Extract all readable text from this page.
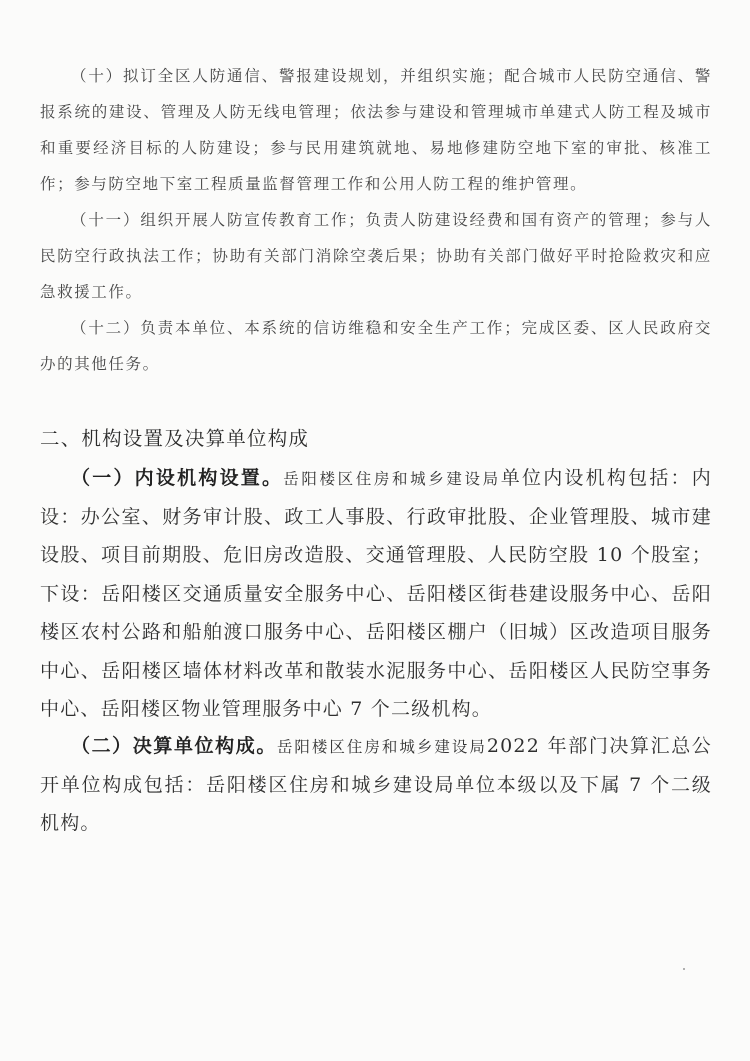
（十）拟订全区人防通信、警报建设规划，并组织实施；配合城市人民防空通信、警报系统的建设、管理及人防无线电管理；依法参与建设和管理城市单建式人防工程及城市和重要经济目标的人防建设；参与民用建筑就地、易地修建防空地下室的审批、核准工作；参与防空地下室工程质量监督管理工作和公用人防工程的维护管理。

（十一）组织开展人防宣传教育工作；负责人防建设经费和国有资产的管理；参与人民防空行政执法工作；协助有关部门消除空袭后果；协助有关部门做好平时抢险救灾和应急救援工作。

（十二）负责本单位、本系统的信访维稳和安全生产工作；完成区委、区人民政府交办的其他任务。

二、机构设置及决算单位构成

（一）内设机构设置。岳阳楼区住房和城乡建设局单位内设机构包括：内设：办公室、财务审计股、政工人事股、行政审批股、企业管理股、城市建设股、项目前期股、危旧房改造股、交通管理股、人民防空股 10 个股室；下设：岳阳楼区交通质量安全服务中心、岳阳楼区街巷建设服务中心、岳阳楼区农村公路和船舶渡口服务中心、岳阳楼区棚户（旧城）区改造项目服务中心、岳阳楼区墙体材料改革和散装水泥服务中心、岳阳楼区人民防空事务中心、岳阳楼区物业管理服务中心 7 个二级机构。

（二）决算单位构成。岳阳楼区住房和城乡建设局2022 年部门决算汇总公开单位构成包括：岳阳楼区住房和城乡建设局单位本级以及下属 7 个二级机构。
